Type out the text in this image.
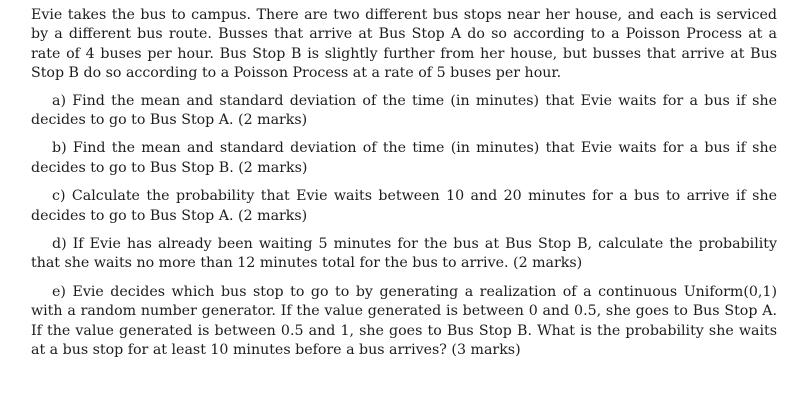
Evie takes the bus to campus. There are two different bus stops near her house, and each is serviced by a different bus route. Busses that arrive at Bus Stop A do so according to a Poisson Process at a rate of 4 buses per hour. Bus Stop B is slightly further from her house, but busses that arrive at Bus Stop B do so according to a Poisson Process at a rate of 5 buses per hour.

a) Find the mean and standard deviation of the time (in minutes) that Evie waits for a bus if she decides to go to Bus Stop A. (2 marks)

b) Find the mean and standard deviation of the time (in minutes) that Evie waits for a bus if she decides to go to Bus Stop B. (2 marks)

c) Calculate the probability that Evie waits between 10 and 20 minutes for a bus to arrive if she decides to go to Bus Stop A. (2 marks)

d) If Evie has already been waiting 5 minutes for the bus at Bus Stop B, calculate the probability that she waits no more than 12 minutes total for the bus to arrive. (2 marks)

e) Evie decides which bus stop to go to by generating a realization of a continuous Uniform(0,1) with a random number generator. If the value generated is between 0 and 0.5, she goes to Bus Stop A. If the value generated is between 0.5 and 1, she goes to Bus Stop B. What is the probability she waits at a bus stop for at least 10 minutes before a bus arrives? (3 marks)
